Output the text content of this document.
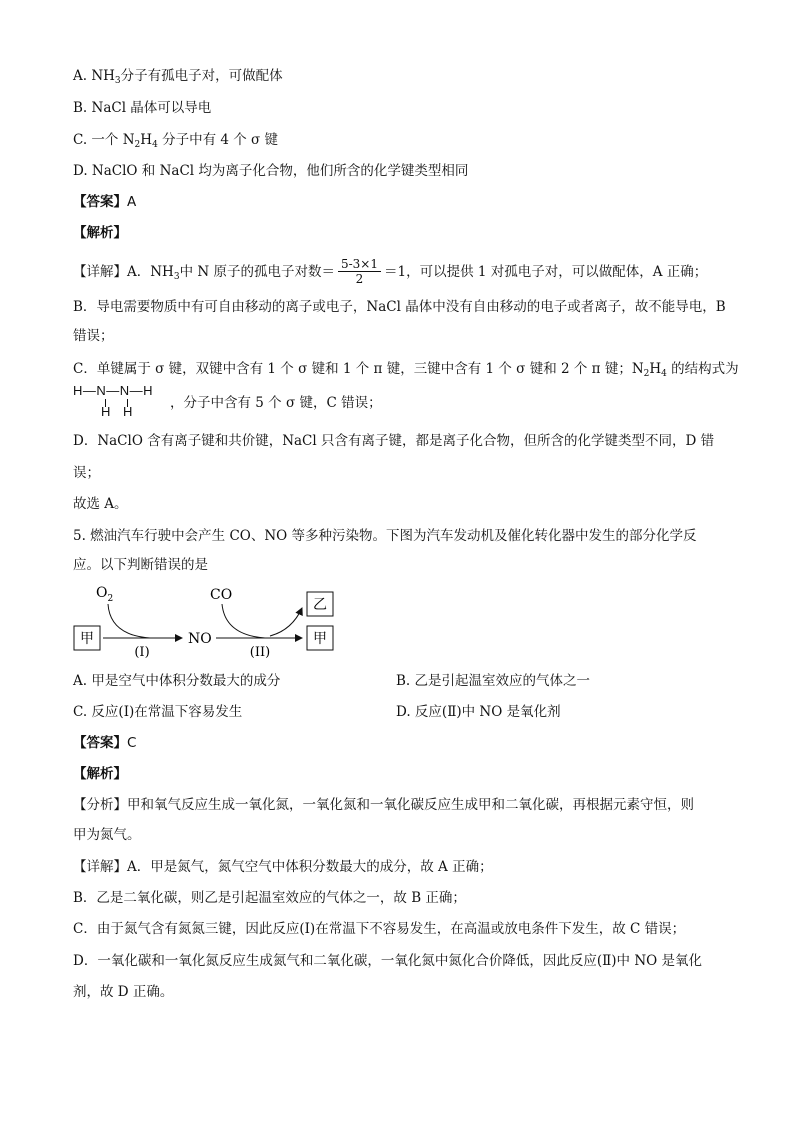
A. $NH_3$分子有孤电子对，可做配体
B. NaCl 晶体可以导电
C. 一个 $N_2H_4$ 分子中有 4 个 σ 键
D. NaClO 和 NaCl 均为离子化合物，他们所含的化学键类型相同
【答案】A
【解析】
【详解】A．$NH_3$中 N 原子的孤电子对数＝ $\frac{5-3\times 1}{2} =1$，可以提供 1 对孤电子对，可以做配体，A 正确；
B．导电需要物质中有可自由移动的离子或电子，NaCl 晶体中没有自由移动的电子或者离子，故不能导电，B
错误；
C．单键属于 σ 键，双键中含有 1 个 σ 键和 1 个 π 键，三键中含有 1 个 σ 键和 2 个 π 键；$N_2H_4$ 的结构式为
H—N—N—H
H H
，分子中含有 5 个 σ 键，C 错误；
D．NaClO 含有离子键和共价键，NaCl 只含有离子键，都是离子化合物，但所含的化学键类型不同，D 错
误；
故选 A。
5. 燃油汽车行驶中会产生 CO、NO 等多种污染物。下图为汽车发动机及催化转化器中发生的部分化学反
应。以下判断错误的是
甲
$O_2$
(I)
NO
CO
(II)
乙
甲
A. 甲是空气中体积分数最大的成分	B. 乙是引起温室效应的气体之一
C. 反应(Ⅰ)在常温下容易发生	D. 反应(Ⅱ)中 NO 是氧化剂
【答案】C
【解析】
【分析】甲和氧气反应生成一氧化氮，一氧化氮和一氧化碳反应生成甲和二氧化碳，再根据元素守恒，则
甲为氮气。
【详解】A．甲是氮气，氮气空气中体积分数最大的成分，故 A 正确；
B．乙是二氧化碳，则乙是引起温室效应的气体之一，故 B 正确；
C．由于氮气含有氮氮三键，因此反应(Ⅰ)在常温下不容易发生，在高温或放电条件下发生，故 C 错误；
D．一氧化碳和一氧化氮反应生成氮气和二氧化碳，一氧化氮中氮化合价降低，因此反应(Ⅱ)中 NO 是氧化
剂，故 D 正确。
